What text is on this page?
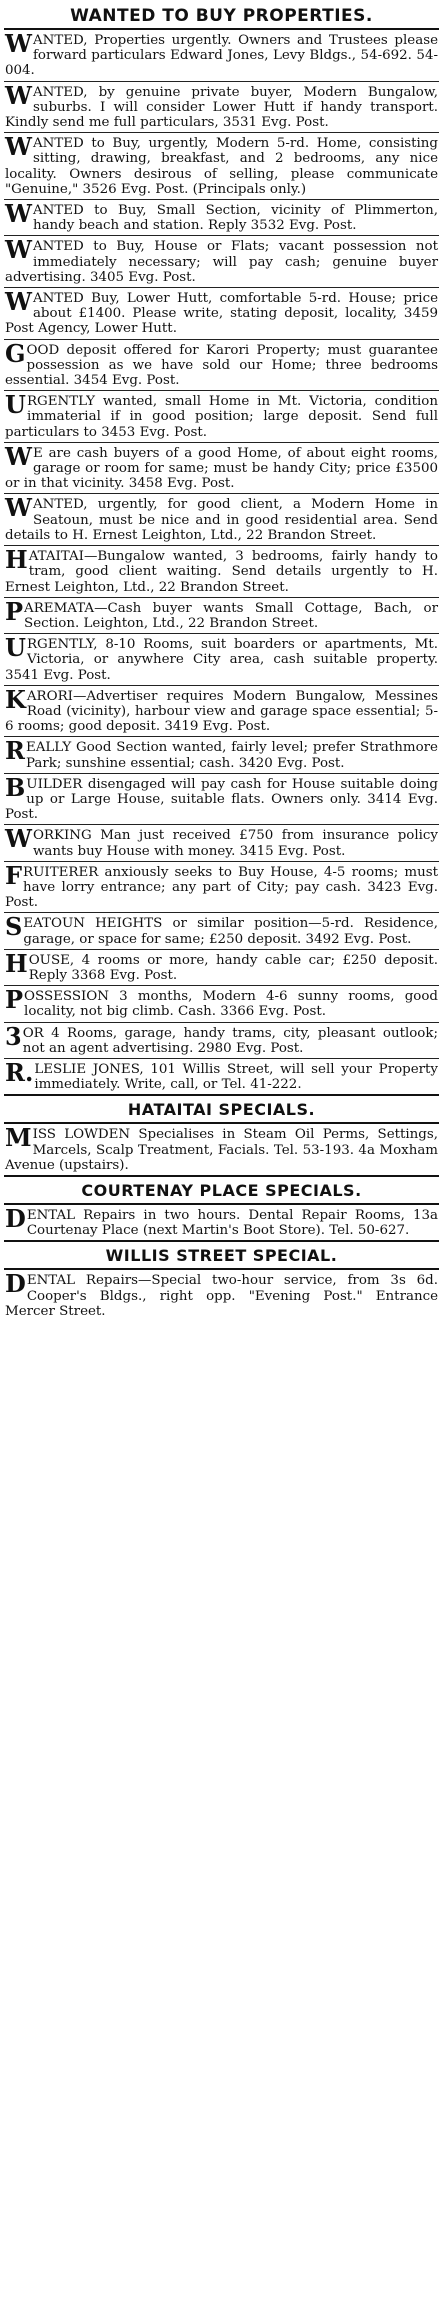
WANTED TO BUY PROPERTIES.
WANTED, Properties urgently. Owners and Trustees please forward particulars Edward Jones, Levy Bldgs., 54-692. 54-004.
WANTED, by genuine private buyer, Modern Bungalow, suburbs. I will consider Lower Hutt if handy transport. Kindly send me full particulars, 3531 Evg. Post.
WANTED to Buy, urgently, Modern 5-rd. Home, consisting sitting, drawing, breakfast, and 2 bedrooms, any nice locality. Owners desirous of selling, please communicate "Genuine," 3526 Evg. Post. (Principals only.)
WANTED to Buy, Small Section, vicinity of Plimmerton, handy beach and station. Reply 3532 Evg. Post.
WANTED to Buy, House or Flats; vacant possession not immediately necessary; will pay cash; genuine buyer advertising. 3405 Evg. Post.
WANTED Buy, Lower Hutt, comfortable 5-rd. House; price about £1400. Please write, stating deposit, locality, 3459 Post Agency, Lower Hutt.
GOOD deposit offered for Karori Property; must guarantee possession as we have sold our Home; three bedrooms essential. 3454 Evg. Post.
URGENTLY wanted, small Home in Mt. Victoria, condition immaterial if in good position; large deposit. Send full particulars to 3453 Evg. Post.
W E are cash buyers of a good Home, of about eight rooms, garage or room for same; must be handy City; price £3500 or in that vicinity. 3458 Evg. Post.
WANTED, urgently, for good client, a Modern Home in Seatoun, must be nice and in good residential area. Send details to H. Ernest Leighton, Ltd., 22 Brandon Street.
HATAITAI—Bungalow wanted, 3 bedrooms, fairly handy to tram, good client waiting. Send details urgently to H. Ernest Leighton, Ltd., 22 Brandon Street.
PAREMATA—Cash buyer wants Small Cottage, Bach, or Section. Leighton, Ltd., 22 Brandon Street.
URGENTLY, 8-10 Rooms, suit boarders or apartments, Mt. Victoria, or anywhere City area, cash suitable property. 3541 Evg. Post.
KARORI—Advertiser requires Modern Bungalow, Messines Road (vicinity), harbour view and garage space essential; 5-6 rooms; good deposit. 3419 Evg. Post.
REALLY Good Section wanted, fairly level; prefer Strathmore Park; sunshine essential; cash. 3420 Evg. Post.
BUILDER disengaged will pay cash for House suitable doing up or Large House, suitable flats. Owners only. 3414 Evg. Post.
WORKING Man just received £750 from insurance policy wants buy House with money. 3415 Evg. Post.
FRUITERER anxiously seeks to Buy House, 4-5 rooms; must have lorry entrance; any part of City; pay cash. 3423 Evg. Post.
SEATOUN HEIGHTS or similar position—5-rd. Residence, garage, or space for same; £250 deposit. 3492 Evg. Post.
HOUSE, 4 rooms or more, handy cable car; £250 deposit. Reply 3368 Evg. Post.
POSSESSION 3 months, Modern 4-6 sunny rooms, good locality, not big climb. Cash. 3366 Evg. Post.
3 OR 4 Rooms, garage, handy trams, city, pleasant outlook; not an agent advertising. 2980 Evg. Post.
R. LESLIE JONES, 101 Willis Street, will sell your Property immediately. Write, call, or Tel. 41-222.
HATAITAI SPECIALS.
MISS LOWDEN Specialises in Steam Oil Perms, Settings, Marcels, Scalp Treatment, Facials. Tel. 53-193. 4a Moxham Avenue (upstairs).
COURTENAY PLACE SPECIALS.
DENTAL Repairs in two hours. Dental Repair Rooms, 13a Courtenay Place (next Martin's Boot Store). Tel. 50-627.
WILLIS STREET SPECIAL.
DENTAL Repairs—Special two-hour service, from 3s 6d. Cooper's Bldgs., right opp. "Evening Post." Entrance Mercer Street.
